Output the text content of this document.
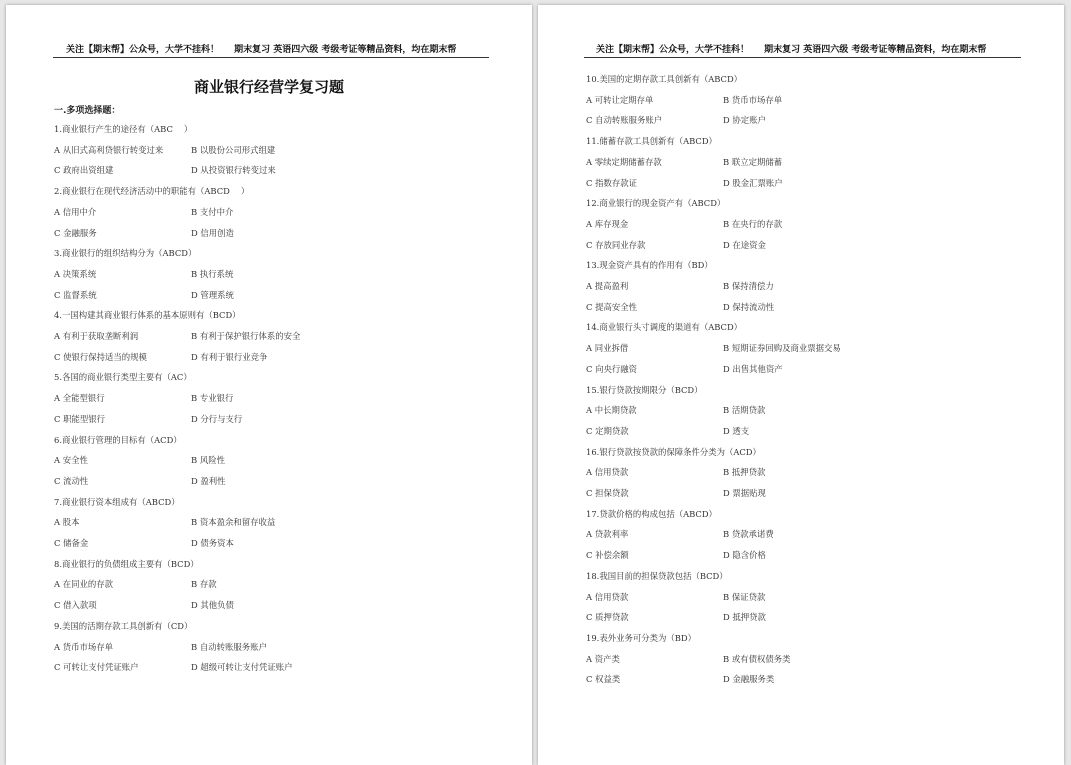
关注【期末帮】公众号，大学不挂科！ 期末复习 英语四六级 考级考证等精品资料，均在期末帮
商业银行经营学复习题
一.多项选择题：
1.商业银行产生的途径有（ABC　 ）
A 从旧式高利贷银行转变过来	B 以股份公司形式组建
C 政府出资组建	D 从投资银行转变过来
2.商业银行在现代经济活动中的职能有（ABCD　 ）
A 信用中介	B 支付中介
C 金融服务	D 信用创造
3.商业银行的组织结构分为（ABCD）
A 决策系统	B 执行系统
C 监督系统	D 管理系统
4.一国构建其商业银行体系的基本原则有（BCD）
A 有利于获取垄断利润	B 有利于保护银行体系的安全
C 使银行保持适当的规模	D 有利于银行业竞争
5.各国的商业银行类型主要有（AC）
A 全能型银行	B 专业银行
C 职能型银行	D 分行与支行
6.商业银行管理的目标有（ACD）
A 安全性	B 风险性
C 流动性	D 盈利性
7.商业银行资本组成有（ABCD）
A 股本	B 资本盈余和留存收益
C 储备金	D 债务资本
8.商业银行的负债组成主要有（BCD）
A 在同业的存款	B 存款
C 借入款项	D 其他负债
9.美国的活期存款工具创新有（CD）
A 货币市场存单	B 自动转账服务账户
C 可转让支付凭证账户	D 超级可转让支付凭证账户
关注【期末帮】公众号，大学不挂科！ 期末复习 英语四六级 考级考证等精品资料，均在期末帮
10.美国的定期存款工具创新有（ABCD）
A 可转让定期存单	B 货币市场存单
C 自动转账服务账户	D 协定账户
11.储蓄存款工具创新有（ABCD）
A 零续定期储蓄存款	B 联立定期储蓄
C 指数存款证	D 股金汇票账户
12.商业银行的现金资产有（ABCD）
A 库存现金	B 在央行的存款
C 存放同业存款	D 在途资金
13.现金资产具有的作用有（BD）
A 提高盈利	B 保持清偿力
C 提高安全性	D 保持流动性
14.商业银行头寸调度的渠道有（ABCD）
A 同业拆借	B 短期证券回购及商业票据交易
C 向央行融资	D 出售其他资产
15.银行贷款按期限分（BCD）
A 中长期贷款	B 活期贷款
C 定期贷款	D 透支
16.银行贷款按贷款的保障条件分类为（ACD）
A 信用贷款	B 抵押贷款
C 担保贷款	D 票据贴现
17.贷款价格的构成包括（ABCD）
A 贷款利率	B 贷款承诺费
C 补偿余额	D 隐含价格
18.我国目前的担保贷款包括（BCD）
A 信用贷款	B 保证贷款
C 质押贷款	D 抵押贷款
19.表外业务可分类为（BD）
A 资产类	B 或有债权债务类
C 权益类	D 金融服务类
